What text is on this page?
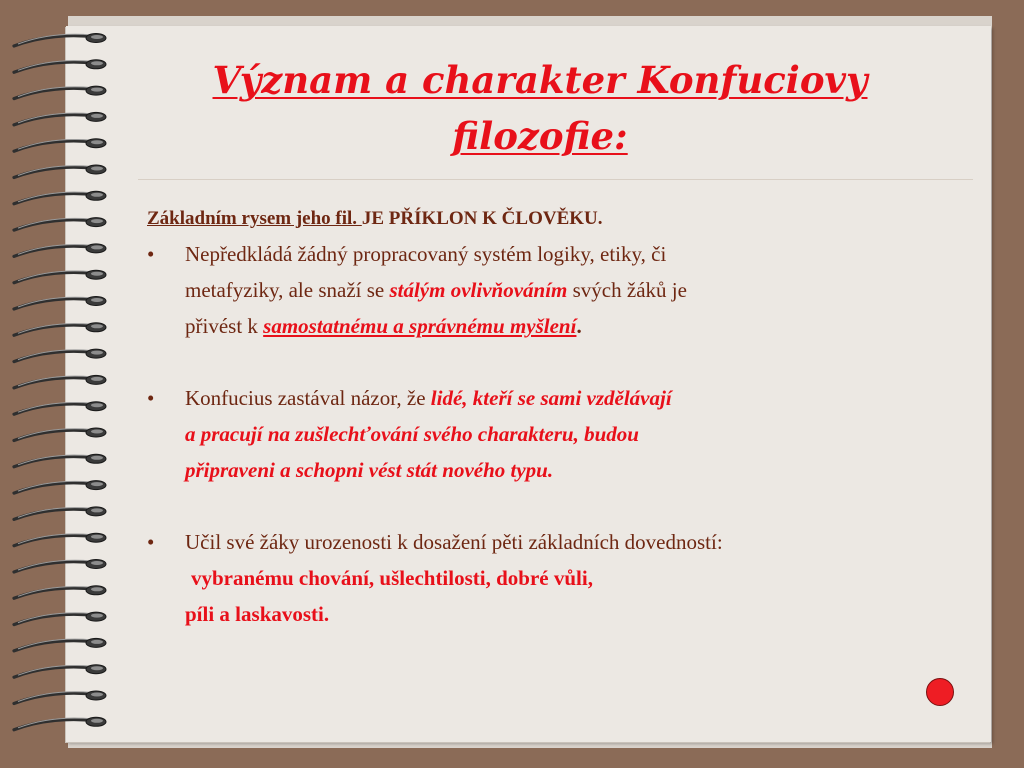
Význam a charakter Konfuciovy
filozofie:
Základním rysem jeho fil. JE PŘÍKLON K ČLOVĚKU.
• Nepředkládá žádný propracovaný systém logiky, etiky, či
metafyziky, ale snaží se stálým ovlivňováním svých žáků je
přivést k samostatnému a správnému myšlení.
• Konfucius zastával názor, že lidé, kteří se sami vzdělávají
a pracují na zušlechťování svého charakteru, budou
připraveni a schopni vést stát nového typu.
• Učil své žáky urozenosti k dosažení pěti základních dovedností:
vybranému chování, ušlechtilosti, dobré vůli,
píli a laskavosti.
